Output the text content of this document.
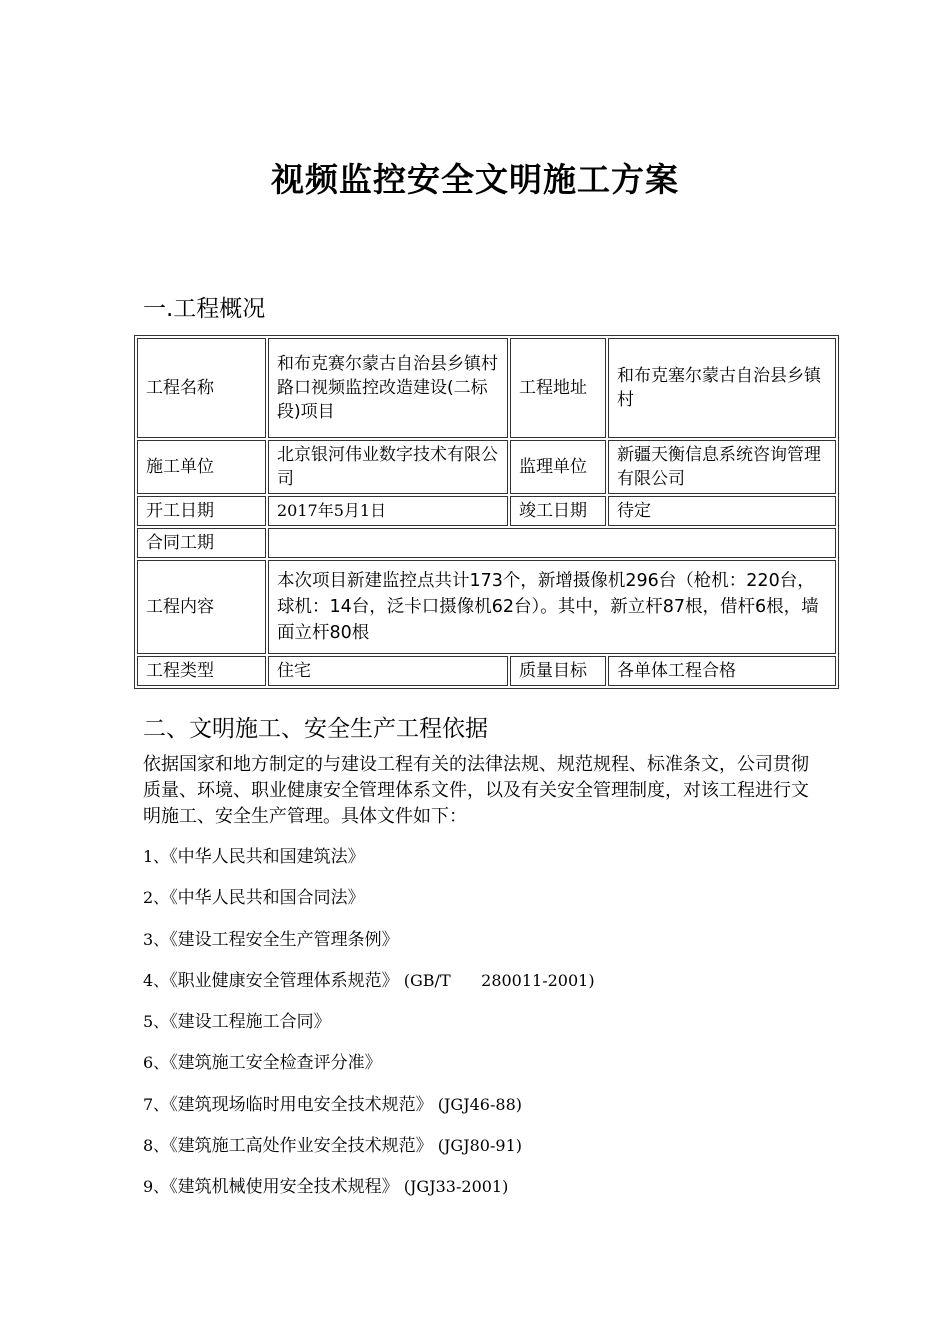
视频监控安全文明施工方案
一.工程概况
工程名称	和布克赛尔蒙古自治县乡镇村路口视频监控改造建设(二标段)项目	工程地址	和布克塞尔蒙古自治县乡镇村
施工单位	北京银河伟业数字技术有限公司	监理单位	新疆天衡信息系统咨询管理有限公司
开工日期	2017年5月1日	竣工日期	待定
合同工期			
工程内容	本次项目新建监控点共计173个，新增摄像机296台（枪机：220台，球机：14台，泛卡口摄像机62台）。其中，新立杆87根，借杆6根，墙面立杆80根		
工程类型	住宅	质量目标	各单体工程合格
二、文明施工、安全生产工程依据

依据国家和地方制定的与建设工程有关的法律法规、规范规程、标准条文，公司贯彻质量、环境、职业健康安全管理体系文件，以及有关安全管理制度，对该工程进行文明施工、安全生产管理。具体文件如下：

1、《中华人民共和国建筑法》
2、《中华人民共和国合同法》
3、《建设工程安全生产管理条例》
4、《职业健康安全管理体系规范》 (GB/T      280011-2001)
5、《建设工程施工合同》
6、《建筑施工安全检查评分准》
7、《建筑现场临时用电安全技术规范》 (JGJ46-88)
8、《建筑施工高处作业安全技术规范》 (JGJ80-91)
9、《建筑机械使用安全技术规程》 (JGJ33-2001)
